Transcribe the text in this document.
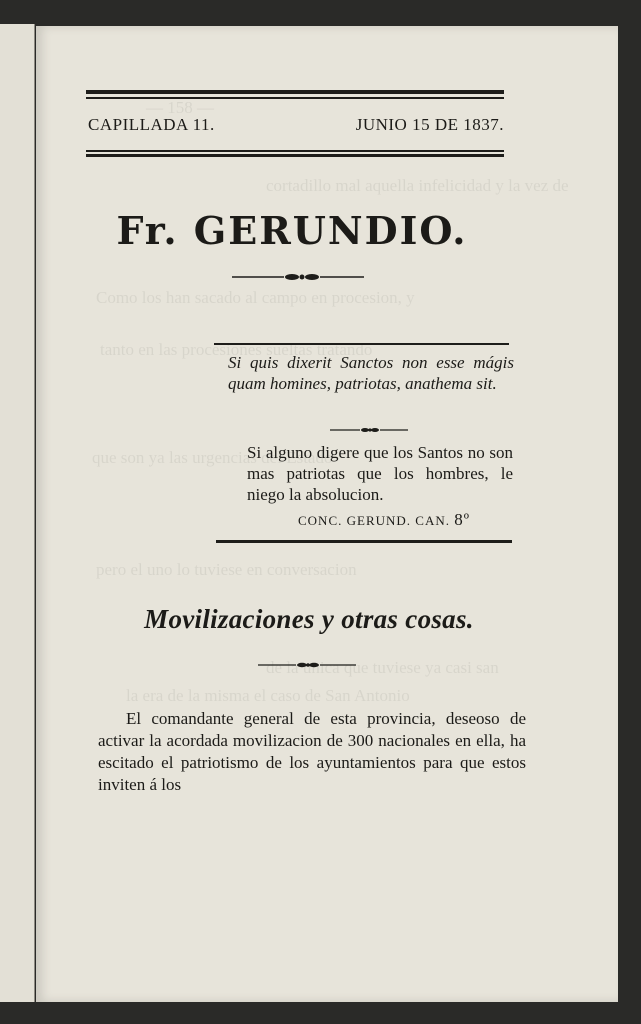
— 158 —
cortadillo mal aquella infelicidad y la vez de
Como los han sacado al campo en procesion, y
tanto en las procesiones sueltas tratando
que son ya las urgencias del Estado
pero el uno lo tuviese en conversacion
de la unica que tuviese ya casi san
la era de la misma el caso de San Antonio
CAPILLADA 11.	JUNIO 15 DE 1837.
Fr. GERUNDIO.
Si quis dixerit Sanctos non esse mágis quam homines, patriotas, anathema sit.
Si alguno digere que los Santos no son mas patriotas que los hombres, le niego la absolucion.
CONC. GERUND. CAN. 8º
Movilizaciones y otras cosas.

El comandante general de esta provincia, deseoso de activar la acordada movilizacion de 300 nacionales en ella, ha escitado el patriotismo de los ayuntamientos para que estos inviten á los
